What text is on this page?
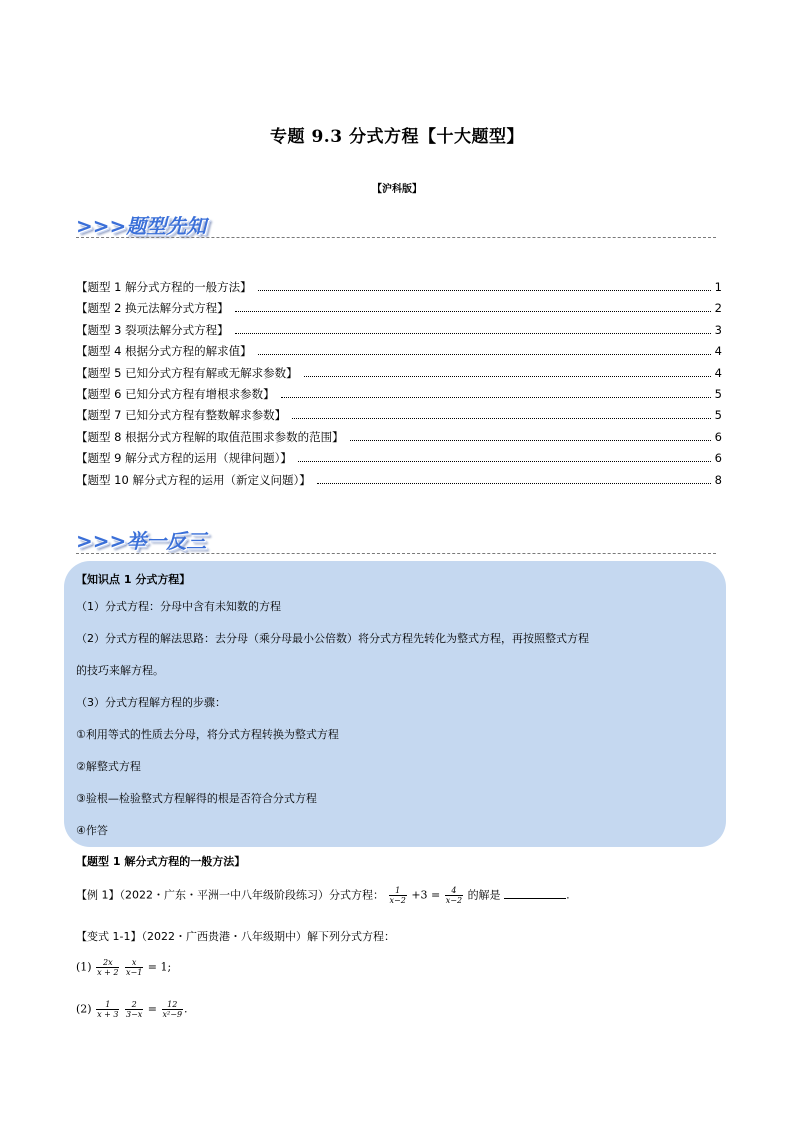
专题 9.3 分式方程【十大题型】
【沪科版】
>>>题型先知
【题型 1 解分式方程的一般方法】	1
【题型 2 换元法解分式方程】	2
【题型 3 裂项法解分式方程】	3
【题型 4 根据分式方程的解求值】	4
【题型 5 已知分式方程有解或无解求参数】	4
【题型 6 已知分式方程有增根求参数】	5
【题型 7 已知分式方程有整数解求参数】	5
【题型 8 根据分式方程解的取值范围求参数的范围】	6
【题型 9 解分式方程的运用（规律问题）】	6
【题型 10 解分式方程的运用（新定义问题）】	8
>>>举一反三
【知识点 1 分式方程】
（1）分式方程：分母中含有未知数的方程
（2）分式方程的解法思路：去分母（乘分母最小公倍数）将分式方程先转化为整式方程，再按照整式方程
的技巧来解方程。
（3）分式方程解方程的步骤：
①利用等式的性质去分母，将分式方程转换为整式方程
②解整式方程
③验根—检验整式方程解得的根是否符合分式方程
④作答
【题型 1 解分式方程的一般方法】
【例 1】（2022・广东・平洲一中八年级阶段练习）分式方程： $\frac{1}{x-2} +3 = \frac{4}{x-2}$ 的解是	.
【变式 1-1】（2022・广西贵港・八年级期中）解下列分式方程：
$(1) \frac{2x}{x + 2}$
$\frac{x}{x-1} = 1$;
$(2) \frac{1}{x + 3}$
$\frac{2}{3-x} = \frac{12}{\text{x²−9}}$ .
